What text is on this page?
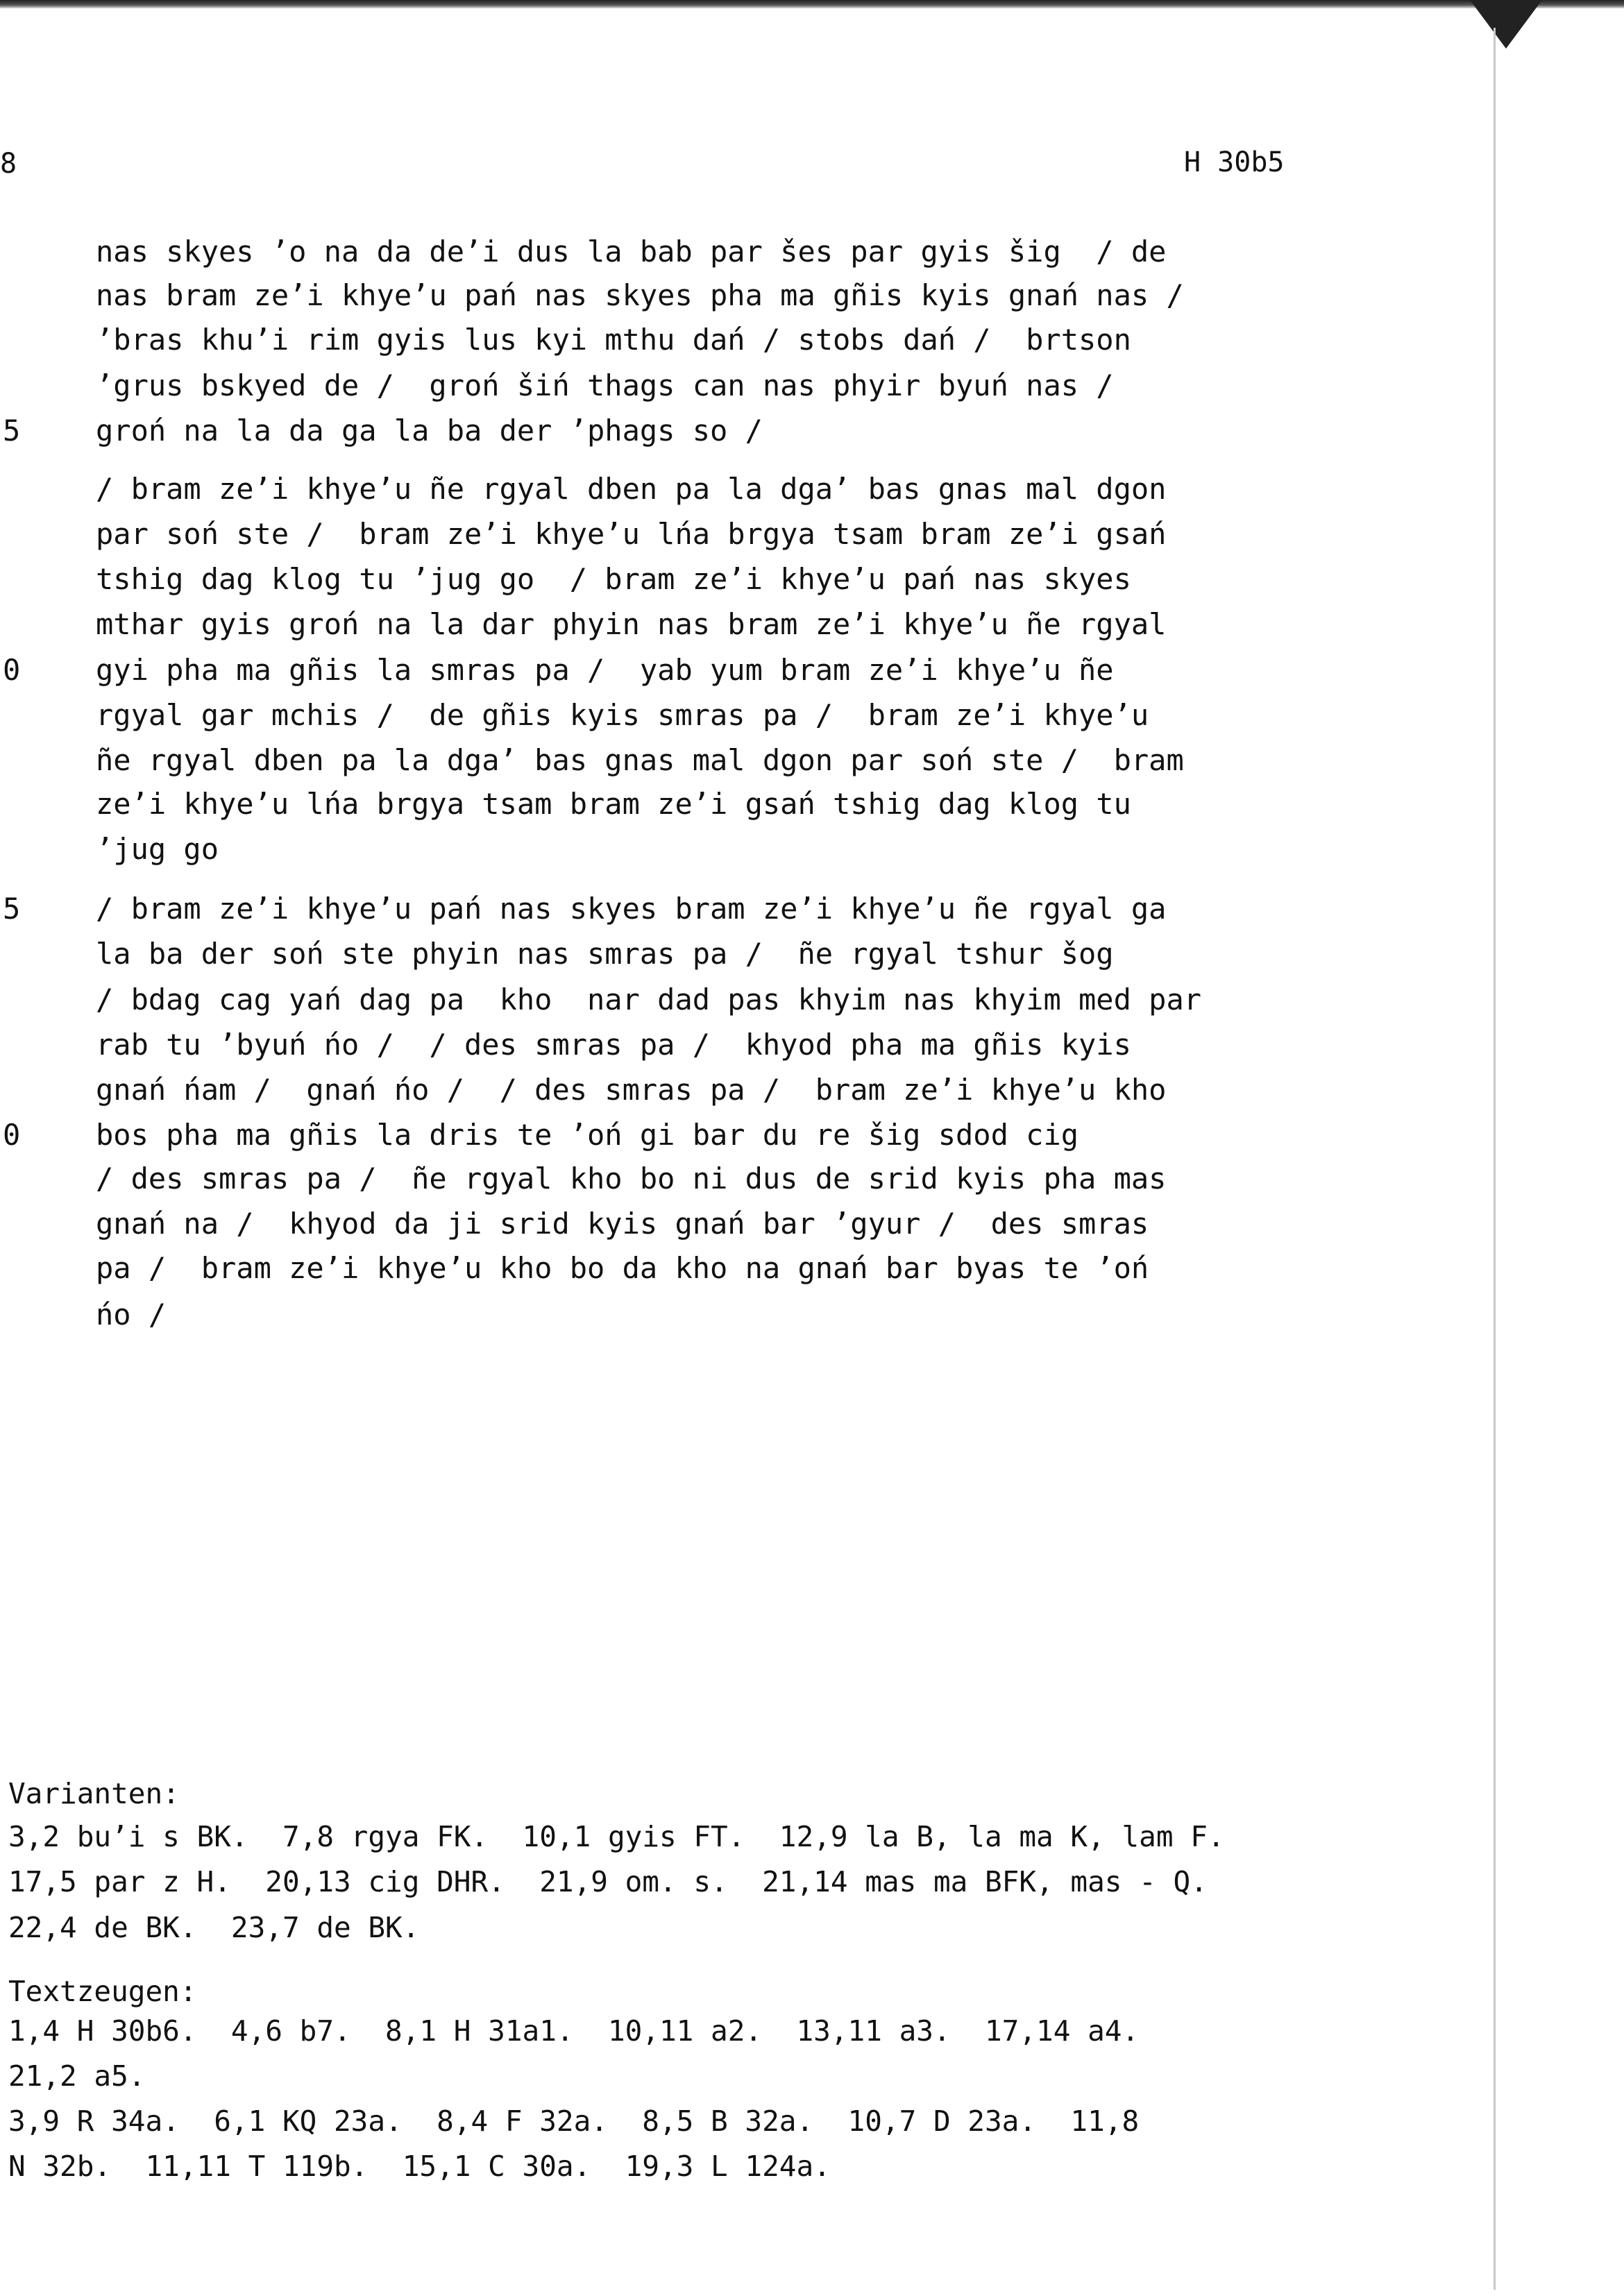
8	H 30b5
5
0
5
0
nas skyes ’o na da de’i dus la bab par šes par gyis šig  / de
nas bram ze’i khye’u pań nas skyes pha ma gñis kyis gnań nas /
’bras khu’i rim gyis lus kyi mthu dań / stobs dań /  brtson
’grus bskyed de /  groń šiń thags can nas phyir byuń nas /
groń na la da ga la ba der ’phags so /
/ bram ze’i khye’u ñe rgyal dben pa la dga’ bas gnas mal dgon
par soń ste /  bram ze’i khye’u lńa brgya tsam bram ze’i gsań
tshig dag klog tu ’jug go  / bram ze’i khye’u pań nas skyes
mthar gyis groń na la dar phyin nas bram ze’i khye’u ñe rgyal
gyi pha ma gñis la smras pa /  yab yum bram ze’i khye’u ñe
rgyal gar mchis /  de gñis kyis smras pa /  bram ze’i khye’u
ñe rgyal dben pa la dga’ bas gnas mal dgon par soń ste /  bram
ze’i khye’u lńa brgya tsam bram ze’i gsań tshig dag klog tu
’jug go
/ bram ze’i khye’u pań nas skyes bram ze’i khye’u ñe rgyal ga
la ba der soń ste phyin nas smras pa /  ñe rgyal tshur šog
/ bdag cag yań dag pa  kho  nar dad pas khyim nas khyim med par
rab tu ’byuń ńo /  / des smras pa /  khyod pha ma gñis kyis
gnań ńam /  gnań ńo /  / des smras pa /  bram ze’i khye’u kho
bos pha ma gñis la dris te ’oń gi bar du re šig sdod cig
/ des smras pa /  ñe rgyal kho bo ni dus de srid kyis pha mas
gnań na /  khyod da ji srid kyis gnań bar ’gyur /  des smras
pa /  bram ze’i khye’u kho bo da kho na gnań bar byas te ’oń
ńo /
Varianten:
3,2 bu’i s BK.  7,8 rgya FK.  10,1 gyis FT.  12,9 la B, la ma K, lam F.
17,5 par z H.  20,13 cig DHR.  21,9 om. s.  21,14 mas ma BFK, mas - Q.
22,4 de BK.  23,7 de BK.
Textzeugen:
1,4 H 30b6.  4,6 b7.  8,1 H 31a1.  10,11 a2.  13,11 a3.  17,14 a4.
21,2 a5.
3,9 R 34a.  6,1 KQ 23a.  8,4 F 32a.  8,5 B 32a.  10,7 D 23a.  11,8
N 32b.  11,11 T 119b.  15,1 C 30a.  19,3 L 124a.
